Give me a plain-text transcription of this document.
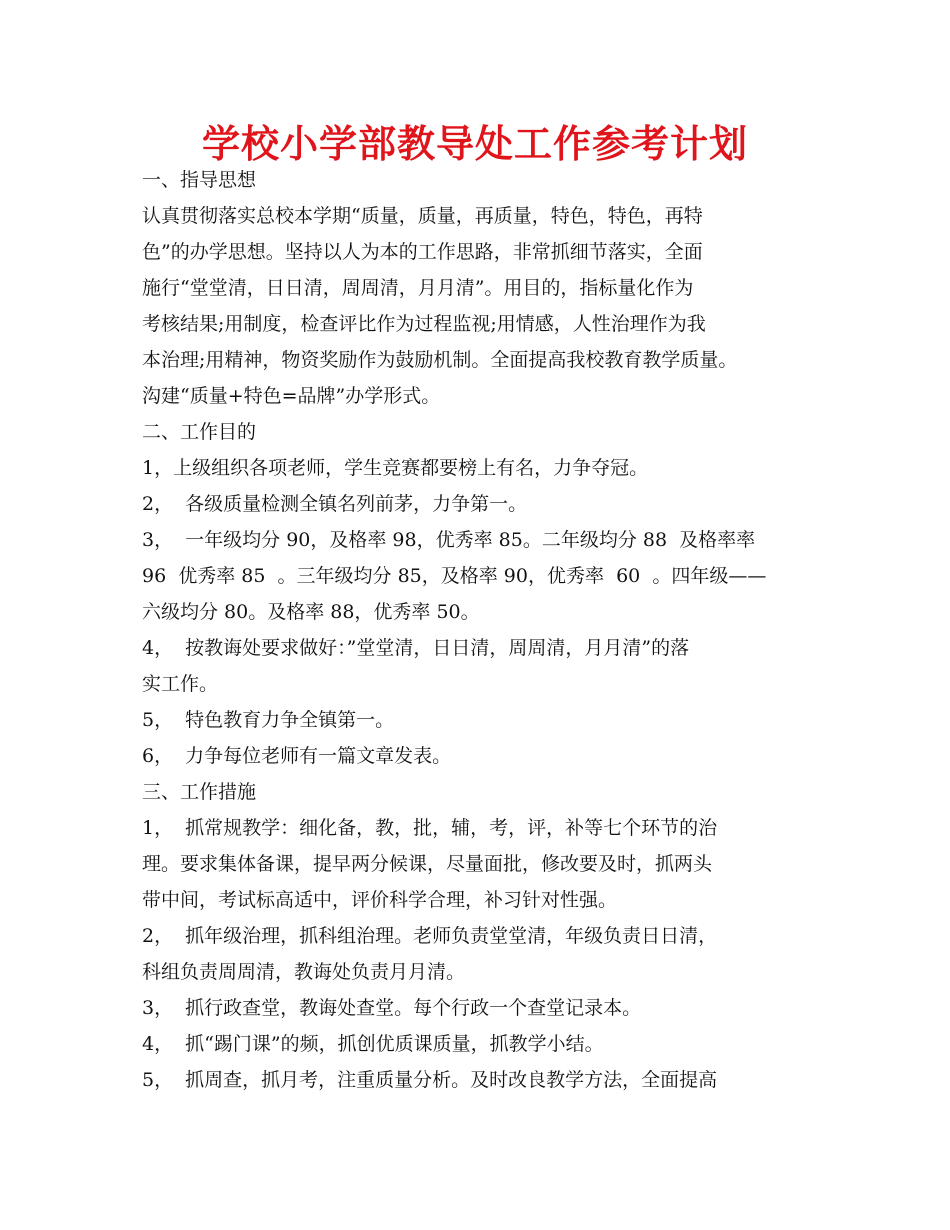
学校小学部教导处工作参考计划
一、指导思想
认真贯彻落实总校本学期“质量，质量，再质量，特色，特色，再特
色”的办学思想。坚持以人为本的工作思路，非常抓细节落实，全面
施行“堂堂清，日日清，周周清，月月清”。用目的，指标量化作为
考核结果;用制度，检查评比作为过程监视;用情感，人性治理作为我
本治理;用精神，物资奖励作为鼓励机制。全面提高我校教育教学质量。
沟建“质量+特色=品牌”办学形式。
二、工作目的
1，上级组织各项老师，学生竞赛都要榜上有名，力争夺冠。
2，  各级质量检测全镇名列前茅，力争第一。
3，  一年级均分 90，及格率 98，优秀率 85。二年级均分 88  及格率率
96  优秀率 85  。三年级均分 85，及格率 90，优秀率  60  。四年级——
六级均分 80。及格率 88，优秀率 50。
4，  按教诲处要求做好：”堂堂清，日日清，周周清，月月清”的落
实工作。
5，  特色教育力争全镇第一。
6，  力争每位老师有一篇文章发表。
三、工作措施
1，  抓常规教学：细化备，教，批，辅，考，评，补等七个环节的治
理。要求集体备课，提早两分候课，尽量面批，修改要及时，抓两头
带中间，考试标高适中，评价科学合理，补习针对性强。
2，  抓年级治理，抓科组治理。老师负责堂堂清，年级负责日日清，
科组负责周周清，教诲处负责月月清。
3，  抓行政查堂，教诲处查堂。每个行政一个查堂记录本。
4，  抓“踢门课”的频，抓创优质课质量，抓教学小结。
5，  抓周查，抓月考，注重质量分析。及时改良教学方法，全面提高
